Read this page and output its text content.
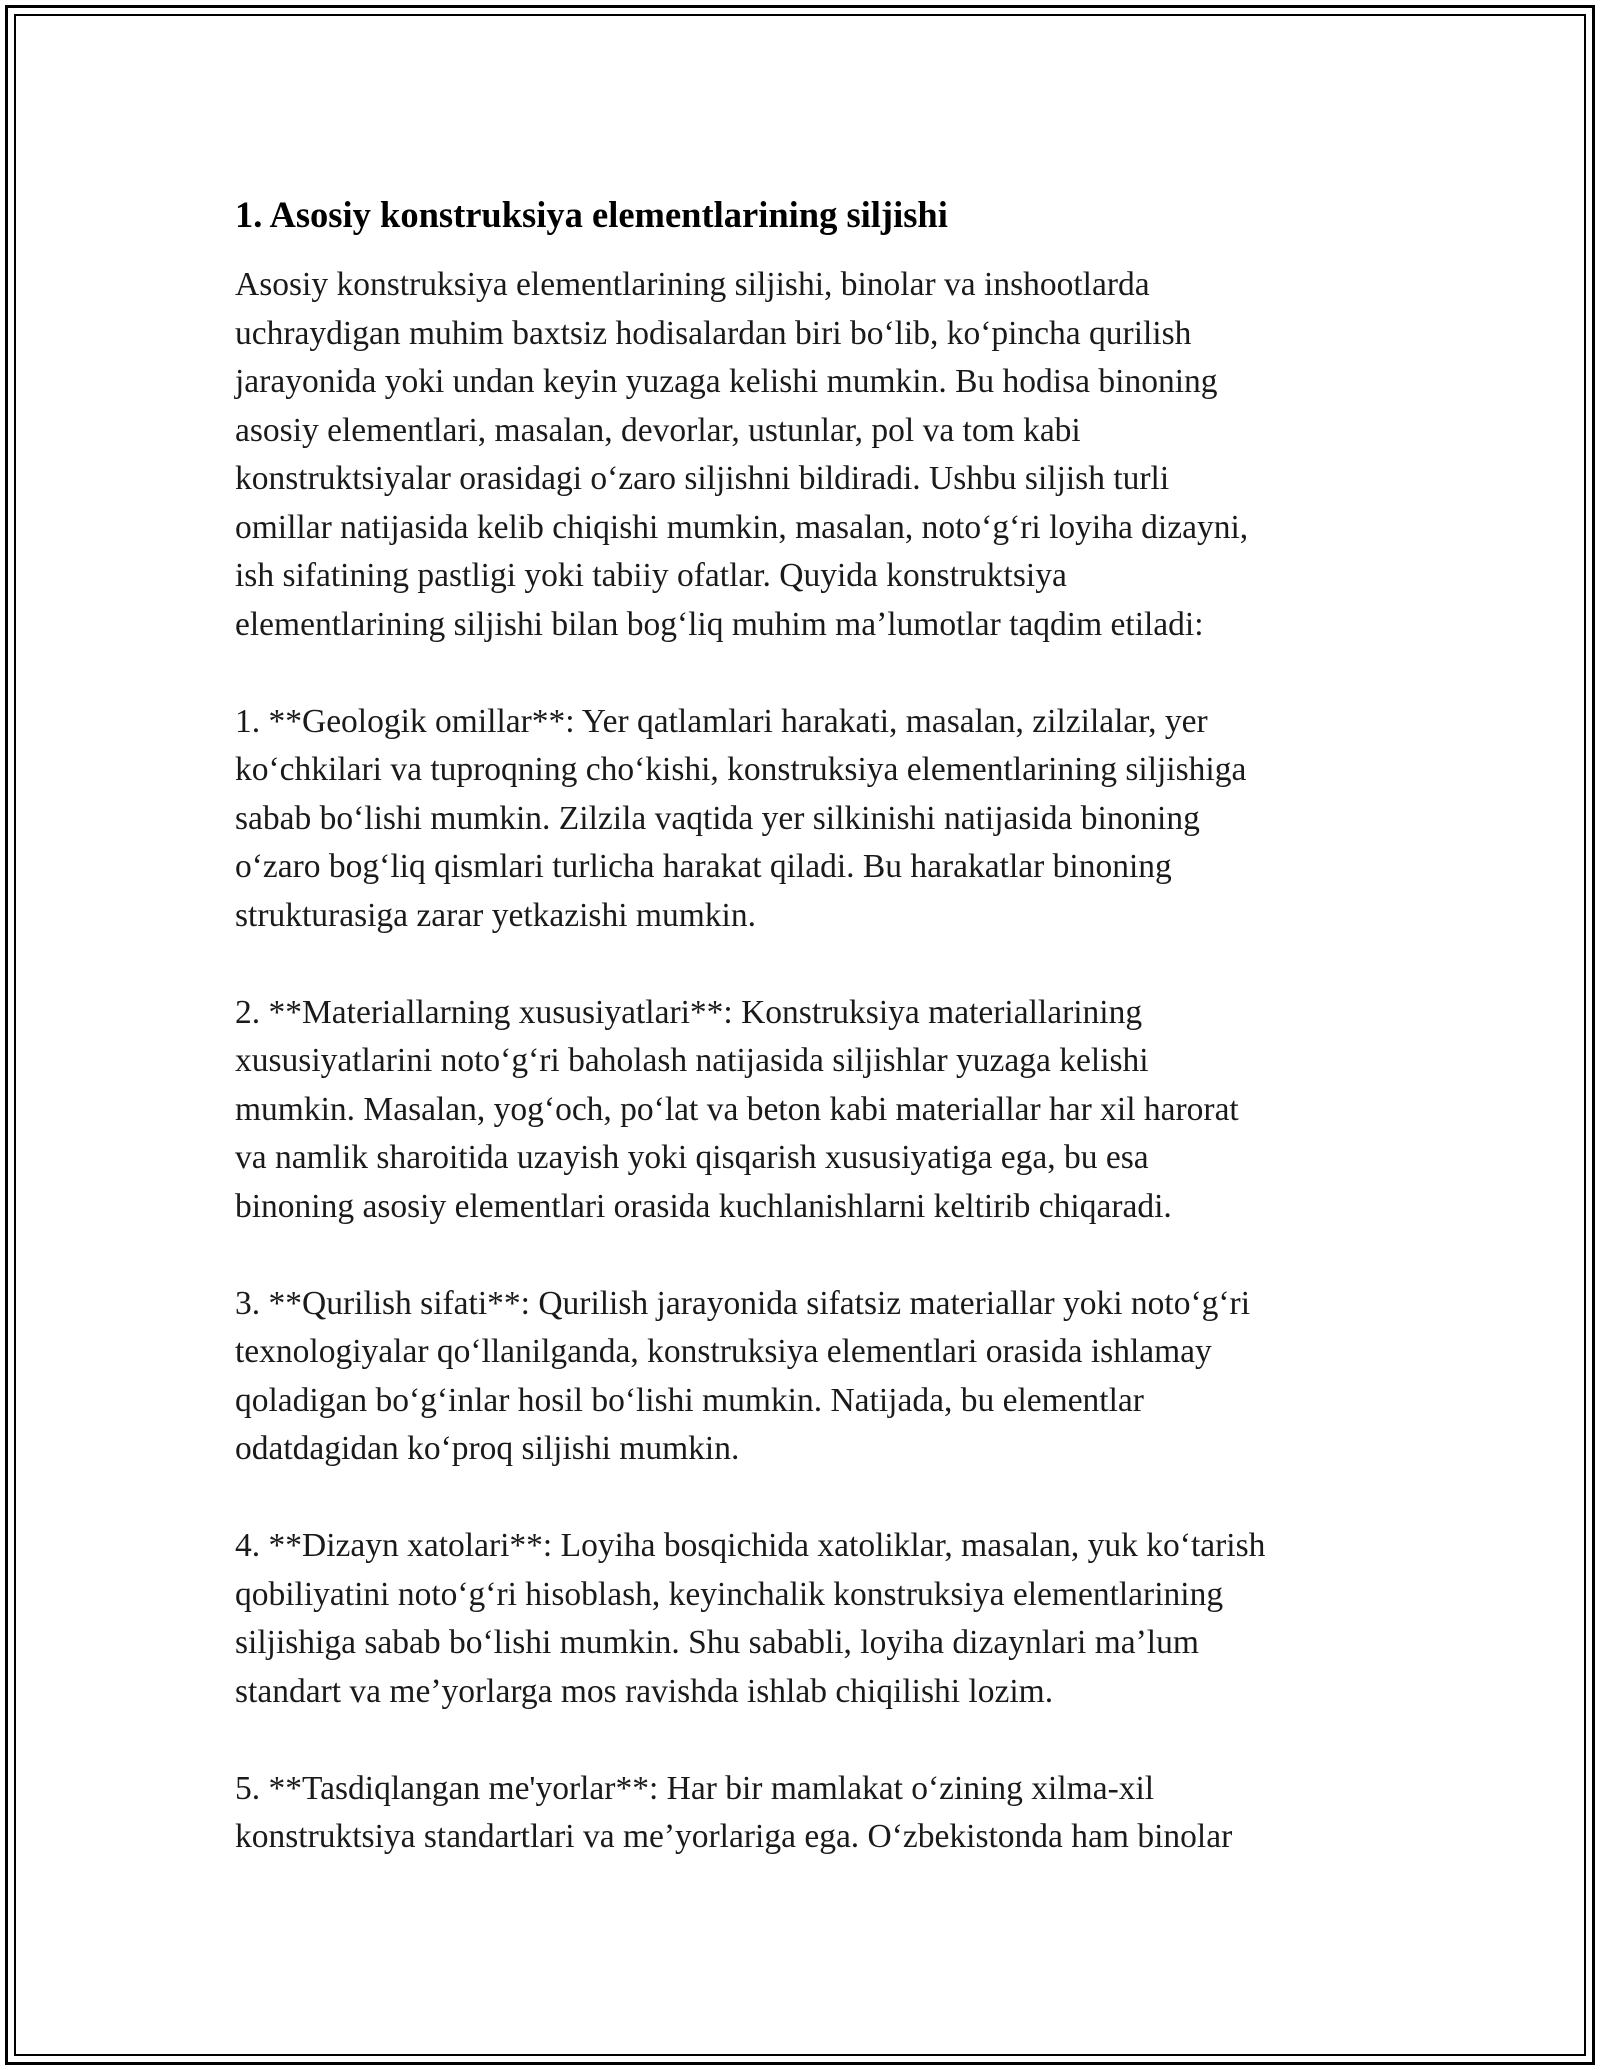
1. Asosiy konstruksiya elementlarining siljishi

Asosiy konstruksiya elementlarining siljishi, binolar va inshootlarda
uchraydigan muhim baxtsiz hodisalardan biri boʻlib, koʻpincha qurilish
jarayonida yoki undan keyin yuzaga kelishi mumkin. Bu hodisa binoning
asosiy elementlari, masalan, devorlar, ustunlar, pol va tom kabi
konstruktsiyalar orasidagi oʻzaro siljishni bildiradi. Ushbu siljish turli
omillar natijasida kelib chiqishi mumkin, masalan, notoʻgʻri loyiha dizayni,
ish sifatining pastligi yoki tabiiy ofatlar. Quyida konstruktsiya
elementlarining siljishi bilan bogʻliq muhim maʼlumotlar taqdim etiladi:

1. **Geologik omillar**: Yer qatlamlari harakati, masalan, zilzilalar, yer
koʻchkilari va tuproqning choʻkishi, konstruksiya elementlarining siljishiga
sabab boʻlishi mumkin. Zilzila vaqtida yer silkinishi natijasida binoning
oʻzaro bogʻliq qismlari turlicha harakat qiladi. Bu harakatlar binoning
strukturasiga zarar yetkazishi mumkin.

2. **Materiallarning xususiyatlari**: Konstruksiya materiallarining
xususiyatlarini notoʻgʻri baholash natijasida siljishlar yuzaga kelishi
mumkin. Masalan, yogʻoch, poʻlat va beton kabi materiallar har xil harorat
va namlik sharoitida uzayish yoki qisqarish xususiyatiga ega, bu esa
binoning asosiy elementlari orasida kuchlanishlarni keltirib chiqaradi.

3. **Qurilish sifati**: Qurilish jarayonida sifatsiz materiallar yoki notoʻgʻri
texnologiyalar qoʻllanilganda, konstruksiya elementlari orasida ishlamay
qoladigan boʻgʻinlar hosil boʻlishi mumkin. Natijada, bu elementlar
odatdagidan koʻproq siljishi mumkin.

4. **Dizayn xatolari**: Loyiha bosqichida xatoliklar, masalan, yuk koʻtarish
qobiliyatini notoʻgʻri hisoblash, keyinchalik konstruksiya elementlarining
siljishiga sabab boʻlishi mumkin. Shu sababli, loyiha dizaynlari maʼlum
standart va meʼyorlarga mos ravishda ishlab chiqilishi lozim.

5. **Tasdiqlangan me'yorlar**: Har bir mamlakat oʻzining xilma-xil
konstruktsiya standartlari va meʼyorlariga ega. Oʻzbekistonda ham binolar
